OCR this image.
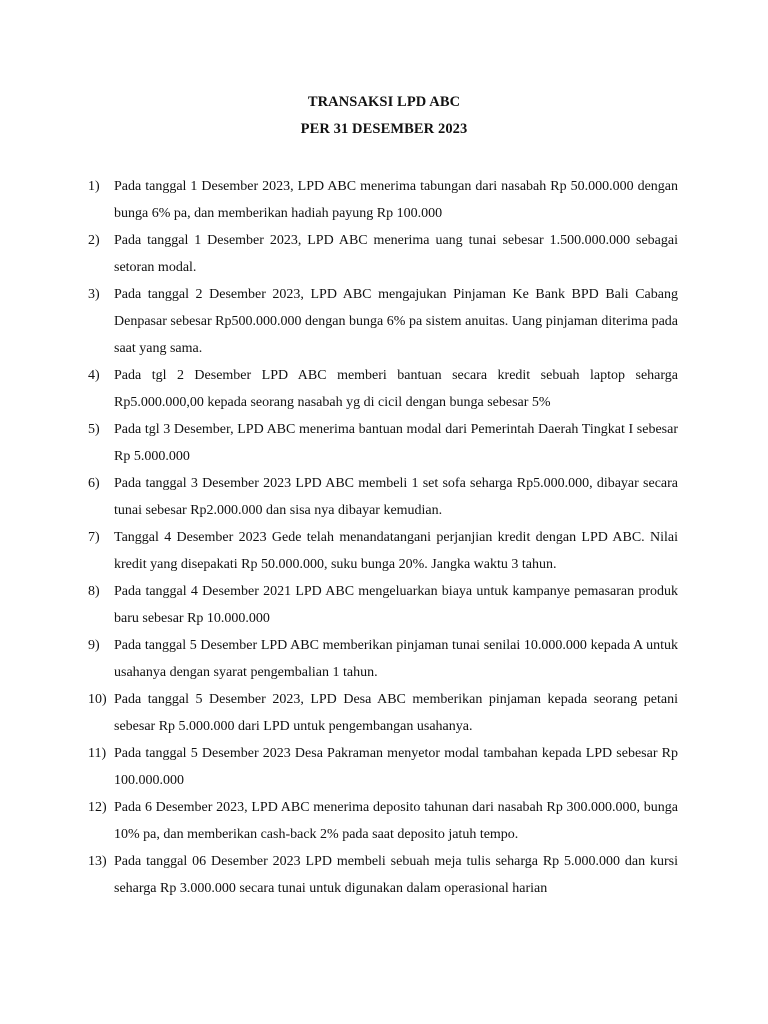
TRANSAKSI LPD ABC
PER 31 DESEMBER 2023
1)	Pada tanggal 1 Desember 2023, LPD ABC menerima tabungan dari nasabah Rp 50.000.000 dengan bunga 6% pa, dan memberikan hadiah payung Rp 100.000
2)	Pada tanggal 1 Desember 2023, LPD ABC menerima uang tunai sebesar 1.500.000.000 sebagai setoran modal.
3)	Pada tanggal 2 Desember 2023, LPD ABC mengajukan Pinjaman Ke Bank BPD Bali Cabang Denpasar sebesar Rp500.000.000 dengan bunga 6% pa sistem anuitas. Uang pinjaman diterima pada saat yang sama.
4)	Pada tgl 2 Desember LPD ABC memberi bantuan secara kredit sebuah laptop seharga Rp5.000.000,00 kepada seorang nasabah yg di cicil dengan bunga sebesar 5%
5)	Pada tgl 3 Desember, LPD ABC menerima bantuan modal dari Pemerintah Daerah Tingkat I sebesar Rp 5.000.000
6)	Pada tanggal 3 Desember 2023 LPD ABC membeli 1 set sofa seharga Rp5.000.000, dibayar secara tunai sebesar Rp2.000.000 dan sisa nya dibayar kemudian.
7)	Tanggal 4 Desember 2023 Gede telah menandatangani perjanjian kredit dengan LPD ABC. Nilai kredit yang disepakati Rp 50.000.000, suku bunga 20%. Jangka waktu 3 tahun.
8)	Pada tanggal 4 Desember 2021 LPD ABC mengeluarkan biaya untuk kampanye pemasaran produk baru sebesar Rp 10.000.000
9)	Pada tanggal 5 Desember LPD ABC memberikan pinjaman tunai senilai 10.000.000 kepada A untuk usahanya dengan syarat pengembalian 1 tahun.
10) Pada tanggal 5 Desember 2023, LPD Desa ABC memberikan pinjaman kepada seorang petani sebesar Rp 5.000.000 dari LPD untuk pengembangan usahanya.
11) Pada tanggal 5 Desember 2023 Desa Pakraman menyetor modal tambahan kepada LPD sebesar Rp 100.000.000
12) Pada 6 Desember 2023, LPD ABC menerima deposito tahunan dari nasabah Rp 300.000.000, bunga 10% pa, dan memberikan cash-back 2% pada saat deposito jatuh tempo.
13) Pada tanggal 06 Desember 2023 LPD membeli sebuah meja tulis seharga Rp 5.000.000 dan kursi seharga Rp 3.000.000 secara tunai untuk digunakan dalam operasional harian
